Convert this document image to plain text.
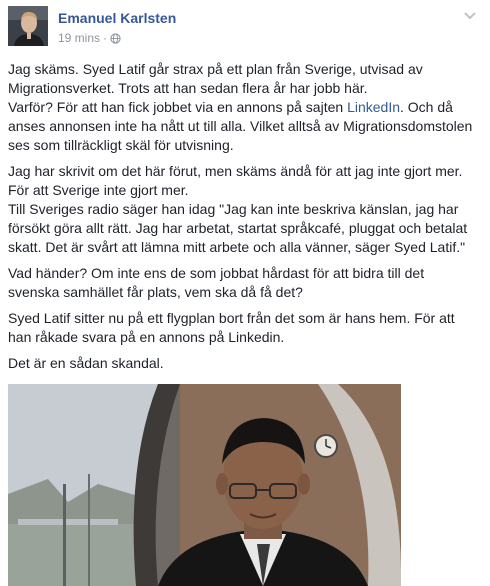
Emanuel Karlsten
19 mins ·

Jag skäms. Syed Latif går strax på ett plan från Sverige, utvisad av
Migrationsverket. Trots att han sedan flera år har jobb här.
Varför? För att han fick jobbet via en annons på sajten LinkedIn. Och då
anses annonsen inte ha nått ut till alla. Vilket alltså av Migrationsdomstolen
ses som tillräckligt skäl för utvisning.

Jag har skrivit om det här förut, men skäms ändå för att jag inte gjort mer.
För att Sverige inte gjort mer.
Till Sveriges radio säger han idag "Jag kan inte beskriva känslan, jag har
försökt göra allt rätt. Jag har arbetat, startat språkcafé, pluggat och betalat
skatt. Det är svårt att lämna mitt arbete och alla vänner, säger Syed Latif."

Vad händer? Om inte ens de som jobbat hårdast för att bidra till det
svenska samhället får plats, vem ska då få det?

Syed Latif sitter nu på ett flygplan bort från det som är hans hem. För att
han råkade svara på en annons på Linkedin.

Det är en sådan skandal.
